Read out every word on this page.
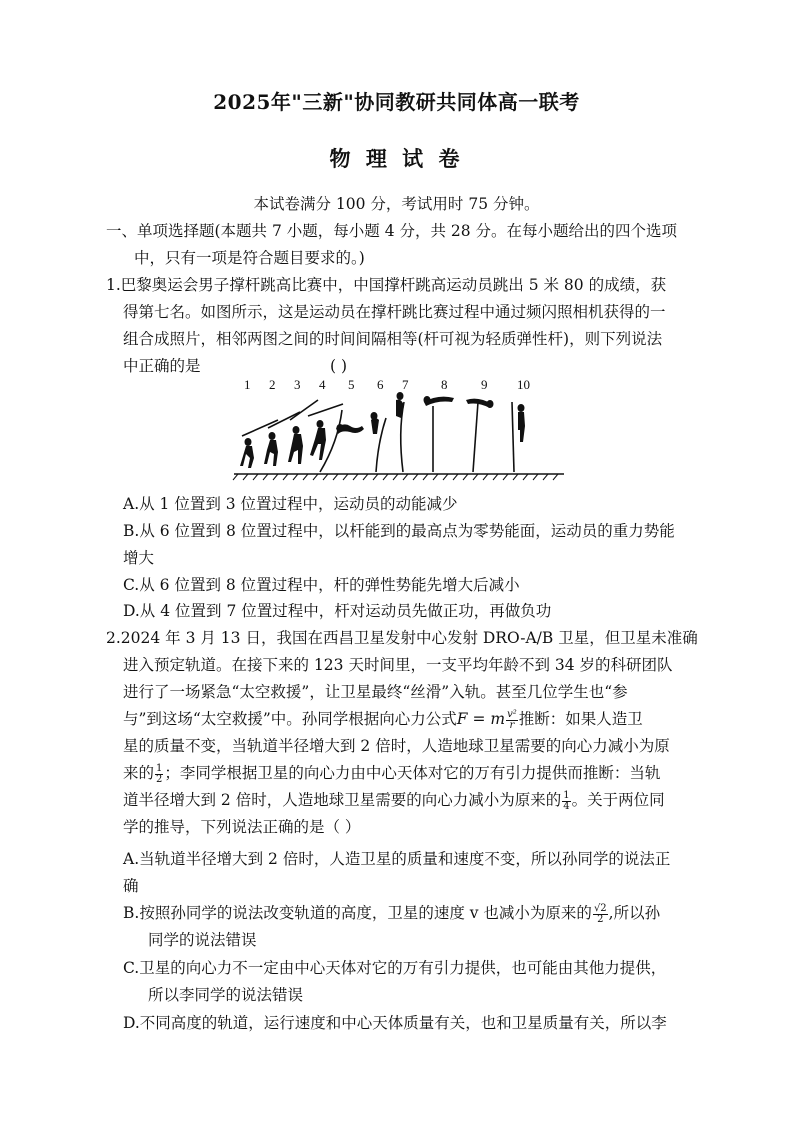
2025年"三新"协同教研共同体高一联考
物 理 试 卷
本试卷满分 100 分，考试用时 75 分钟。
一、单项选择题(本题共 7 小题，每小题 4 分，共 28 分。在每小题给出的四个选项
中，只有一项是符合题目要求的。)
1.巴黎奥运会男子撑杆跳高比赛中，中国撑杆跳高运动员跳出 5 米 80 的成绩，获
得第七名。如图所示，这是运动员在撑杆跳比赛过程中通过频闪照相机获得的一
组合成照片，相邻两图之间的时间间隔相等(杆可视为轻质弹性杆)，则下列说法
中正确的是	( )
1 2 3 4 5 6 7	8	9 10
A.从 1 位置到 3 位置过程中，运动员的动能减少
B.从 6 位置到 8 位置过程中，以杆能到的最高点为零势能面，运动员的重力势能
增大
C.从 6 位置到 8 位置过程中，杆的弹性势能先增大后减小
D.从 4 位置到 7 位置过程中，杆对运动员先做正功，再做负功
2.2024 年 3 月 13 日，我国在西昌卫星发射中心发射 DRO-A/B 卫星，但卫星未准确
进入预定轨道。在接下来的 123 天时间里，一支平均年龄不到 34 岁的科研团队
进行了一场紧急“太空救援”，让卫星最终“丝滑”入轨。甚至几位学生也“参
与”到这场“太空救援”中。孙同学根据向心力公式F = m $\frac{\text{v²}}{r}$ 推断：如果人造卫
星的质量不变，当轨道半径增大到 2 倍时，人造地球卫星需要的向心力减小为原
来的 $\frac{1}{2}$ ；李同学根据卫星的向心力由中心天体对它的万有引力提供而推断：当轨
道半径增大到 2 倍时，人造地球卫星需要的向心力减小为原来的 $\frac{1}{4}$ 。关于两位同
学的推导，下列说法正确的是（ ）
A.当轨道半径增大到 2 倍时，人造卫星的质量和速度不变，所以孙同学的说法正
确
B.按照孙同学的说法改变轨道的高度，卫星的速度 v 也减小为原来的 $\frac{√2}{2}$ ,所以孙
同学的说法错误
C.卫星的向心力不一定由中心天体对它的万有引力提供，也可能由其他力提供，
所以李同学的说法错误
D.不同高度的轨道，运行速度和中心天体质量有关，也和卫星质量有关，所以李
